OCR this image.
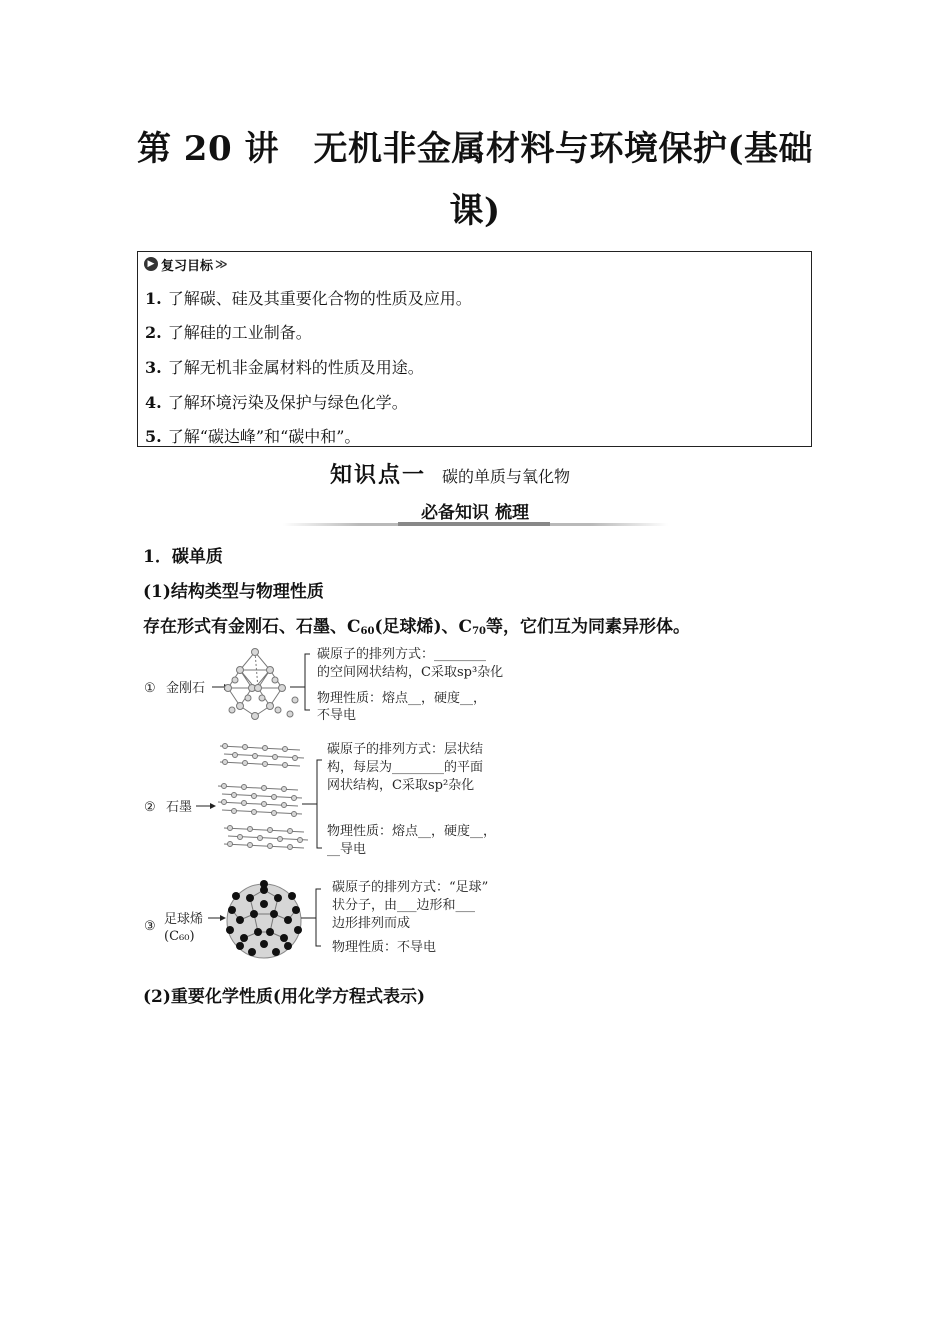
第 20 讲　无机非金属材料与环境保护(基础
课)
▶ 复习目标 ≫
1. 了解碳、硅及其重要化合物的性质及应用。
2. 了解硅的工业制备。
3. 了解无机非金属材料的性质及用途。
4. 了解环境污染及保护与绿色化学。
5. 了解“碳达峰”和“碳中和”。
知识点一 碳的单质与氧化物
必备知识 梳理
1．碳单质
(1)结构类型与物理性质
存在形式有金刚石、石墨、C60(足球烯)、C70等，它们互为同素异形体。
① 金刚石
碳原子的排列方式：________
的空间网状结构，C采取sp³杂化
物理性质：熔点__，硬度__，
不导电
② 石墨
碳原子的排列方式：层状结
构，每层为________的平面
网状结构，C采取sp²杂化
物理性质：熔点__，硬度__，
__导电
③ 足球烯
(C₆₀)
碳原子的排列方式：“足球”
状分子，由___边形和___
边形排列而成
物理性质：不导电
(2)重要化学性质(用化学方程式表示)
